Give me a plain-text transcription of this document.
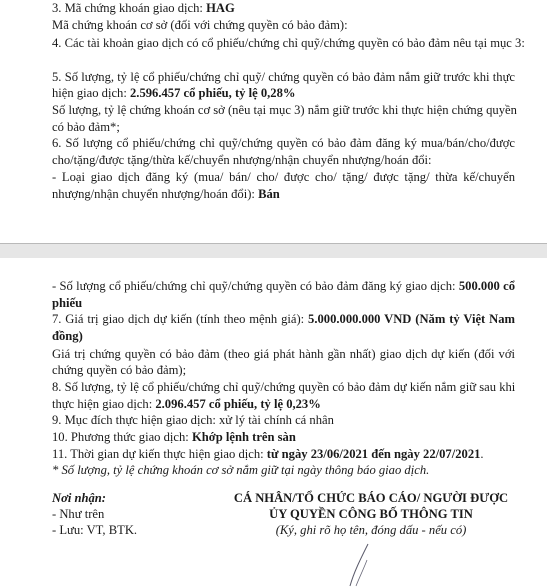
3. Mã chứng khoán giao dịch: HAG
Mã chứng khoán cơ sở (đối với chứng quyền có bảo đảm):
4. Các tài khoản giao dịch có cổ phiếu/chứng chỉ quỹ/chứng quyền có bảo đảm nêu tại mục 3:
5. Số lượng, tỷ lệ cổ phiếu/chứng chỉ quỹ/ chứng quyền có bảo đảm nắm giữ trước khi thực
hiện giao dịch: 2.596.457 cổ phiếu, tỷ lệ 0,28%
Số lượng, tỷ lệ chứng khoán cơ sở (nêu tại mục 3) nắm giữ trước khi thực hiện chứng quyền
có bảo đảm*;
6. Số lượng cổ phiếu/chứng chỉ quỹ/chứng quyền có bảo đảm đăng ký mua/bán/cho/được
cho/tặng/được tặng/thừa kế/chuyển nhượng/nhận chuyển nhượng/hoán đổi:
- Loại giao dịch đăng ký (mua/ bán/ cho/ được cho/ tặng/ được tặng/ thừa kế/chuyển
nhượng/nhận chuyển nhượng/hoán đổi): Bán
- Số lượng cổ phiếu/chứng chỉ quỹ/chứng quyền có bảo đảm đăng ký giao dịch: 500.000 cổ
phiếu
7. Giá trị giao dịch dự kiến (tính theo mệnh giá): 5.000.000.000 VND (Năm tỷ Việt Nam
đồng)
Giá trị chứng quyền có bảo đảm (theo giá phát hành gần nhất) giao dịch dự kiến (đối với
chứng quyền có bảo đảm);
8. Số lượng, tỷ lệ cổ phiếu/chứng chỉ quỹ/chứng quyền có bảo đảm dự kiến nắm giữ sau khi
thực hiện giao dịch: 2.096.457 cổ phiếu, tỷ lệ 0,23%
9. Mục đích thực hiện giao dịch: xử lý tài chính cá nhân
10. Phương thức giao dịch: Khớp lệnh trên sàn
11. Thời gian dự kiến thực hiện giao dịch: từ ngày 23/06/2021 đến ngày 22/07/2021.
* Số lượng, tỷ lệ chứng khoán cơ sở nắm giữ tại ngày thông báo giao dịch.
Nơi nhận:
- Như trên
- Lưu: VT, BTK.
CÁ NHÂN/TỔ CHỨC BÁO CÁO/ NGƯỜI ĐƯỢC
ỦY QUYỀN CÔNG BỐ THÔNG TIN
(Ký, ghi rõ họ tên, đóng dấu - nếu có)
